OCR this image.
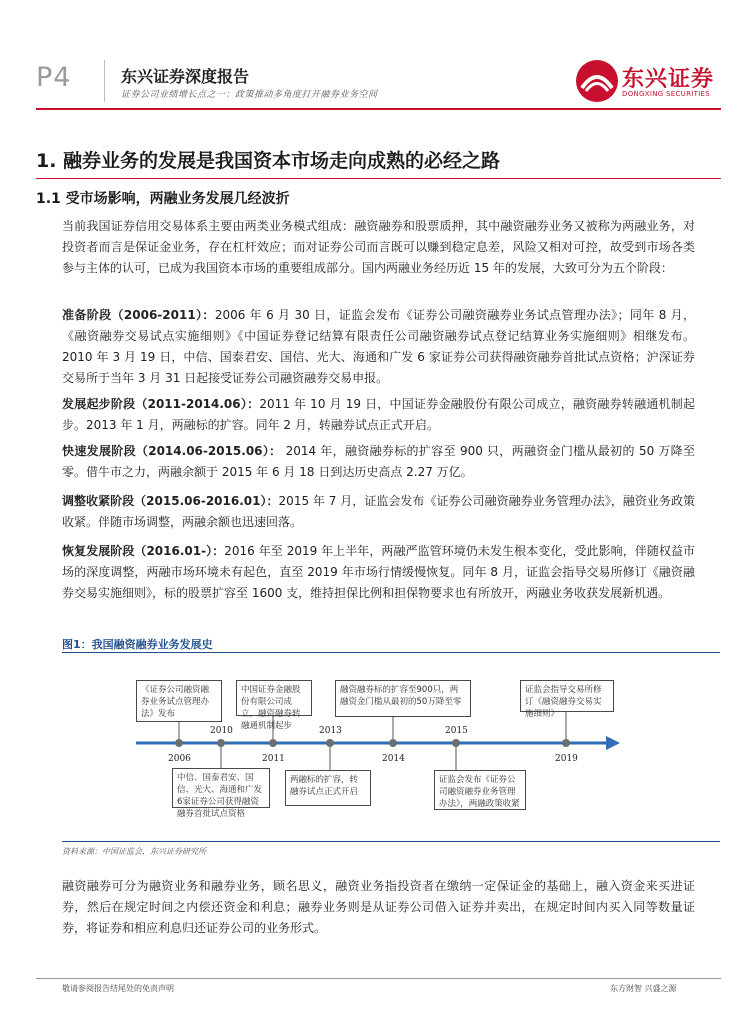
P4	东兴证券深度报告
证券公司业绩增长点之一：政策推动多角度打开融券业务空间
东兴证券
DONGXING SECURITIES
1. 融券业务的发展是我国资本市场走向成熟的必经之路
1.1 受市场影响，两融业务发展几经波折
当前我国证券信用交易体系主要由两类业务模式组成：融资融券和股票质押，其中融资融券业务又被称为两融业务，对投资者而言是保证金业务，存在杠杆效应；而对证券公司而言既可以赚到稳定息差，风险又相对可控，故受到市场各类参与主体的认可，已成为我国资本市场的重要组成部分。国内两融业务经历近 15 年的发展，大致可分为五个阶段：
准备阶段（2006-2011）：2006 年 6 月 30 日，证监会发布《证券公司融资融券业务试点管理办法》；同年 8 月，《融资融券交易试点实施细则》《中国证券登记结算有限责任公司融资融券试点登记结算业务实施细则》相继发布。2010 年 3 月 19 日，中信、国泰君安、国信、光大、海通和广发 6 家证券公司获得融资融券首批试点资格；沪深证券交易所于当年 3 月 31 日起接受证券公司融资融券交易申报。
发展起步阶段（2011-2014.06）：2011 年 10 月 19 日，中国证券金融股份有限公司成立，融资融券转融通机制起步。2013 年 1 月，两融标的扩容。同年 2 月，转融券试点正式开启。
快速发展阶段（2014.06-2015.06）： 2014 年，融资融券标的扩容至 900 只，两融资金门槛从最初的 50 万降至零。借牛市之力，两融余额于 2015 年 6 月 18 日到达历史高点 2.27 万亿。
调整收紧阶段（2015.06-2016.01）：2015 年 7 月，证监会发布《证券公司融资融券业务管理办法》，融资业务政策收紧。伴随市场调整，两融余额也迅速回落。
恢复发展阶段（2016.01-）：2016 年至 2019 年上半年，两融严监管环境仍未发生根本变化，受此影响，伴随权益市场的深度调整，两融市场环境未有起色，直至 2019 年市场行情缓慢恢复。同年 8 月，证监会指导交易所修订《融资融券交易实施细则》，标的股票扩容至 1600 支，维持担保比例和担保物要求也有所放开，两融业务收获发展新机遇。
图1：我国融资融券业务发展史
2006
2010
2011
2013
2014
2015
2019
《证券公司融资融券业务试点管理办法》发布
中国证券金融股份有限公司成立，融资融券转融通机制起步
融资融券标的扩容至900只，两融资金门槛从最初的50万降至零
证监会指导交易所修订《融资融券交易实施细则》
中信、国泰君安、国信、光大、海通和广发6家证券公司获得融资融券首批试点资格
两融标的扩容，转融券试点正式开启
证监会发布《证券公司融资融券业务管理办法》，两融政策收紧
资料来源：中国证监会，东兴证券研究所
融资融券可分为融资业务和融券业务，顾名思义，融资业务指投资者在缴纳一定保证金的基础上，融入资金来买进证券，然后在规定时间之内偿还资金和利息；融券业务则是从证券公司借入证券并卖出，在规定时间内买入同等数量证券，将证券和相应利息归还证券公司的业务形式。
敬请参阅报告结尾处的免责声明	东方财智 兴盛之源
